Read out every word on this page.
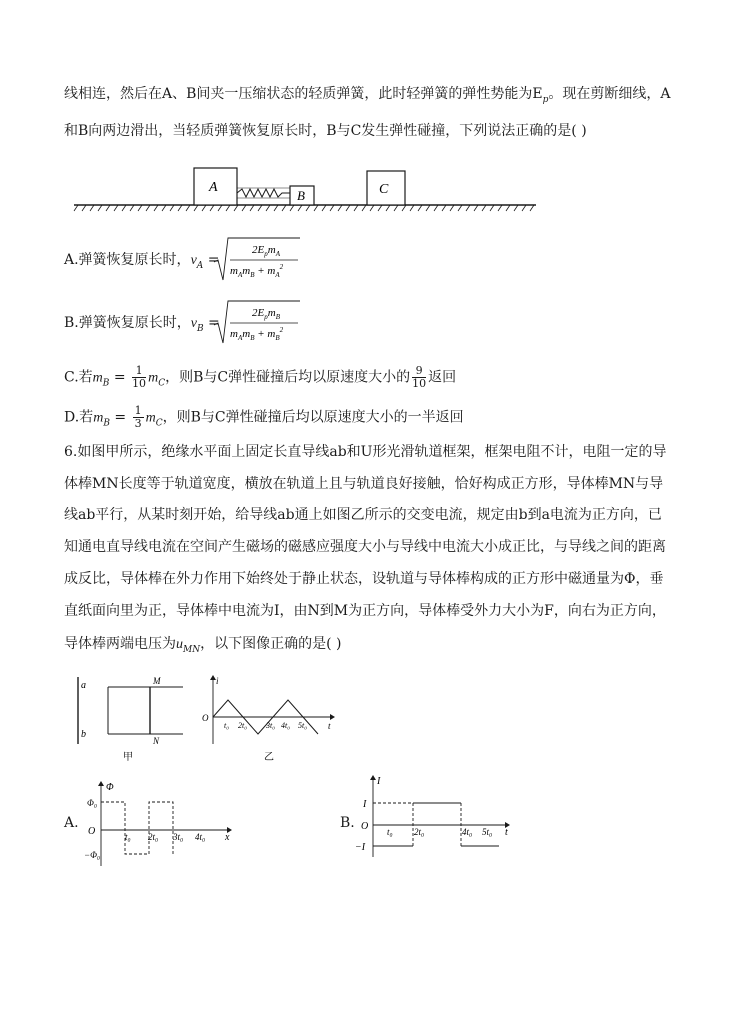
线相连，然后在A、B间夹一压缩状态的轻质弹簧，此时轻弹簧的弹性势能为$E_p$。现在剪断细线，A
和B向两边滑出，当轻质弹簧恢复原长时，B与C发生弹性碰撞，下列说法正确的是( )
A
B	C
A.弹簧恢复原长时，$v_A$ =
$2E_pm_A$
$m_Am_B + m_A^2$
B.弹簧恢复原长时，$v_B$ =
$2E_pm_B$
$m_Am_B + m_B^2$
C.若$m_B = \frac{1}{10} m_C$，则B与C弹性碰撞后均以原速度大小的 $\frac{9}{10}$ 返回
D.若$m_B = \frac{1}{3} m_C$，则B与C弹性碰撞后均以原速度大小的一半返回
6.如图甲所示，绝缘水平面上固定长直导线ab和U形光滑轨道框架，框架电阻不计，电阻一定的导
体棒MN长度等于轨道宽度，横放在轨道上且与轨道良好接触，恰好构成正方形，导体棒MN与导
线ab平行，从某时刻开始，给导线ab通上如图乙所示的交变电流，规定由b到a电流为正方向，已
知通电直导线电流在空间产生磁场的磁感应强度大小与导线中电流大小成正比，与导线之间的距离
成反比，导体棒在外力作用下始终处于静止状态，设轨道与导体棒构成的正方形中磁通量为Φ，垂
直纸面向里为正，导体棒中电流为I，由N到M为正方向，导体棒受外力大小为F，向右为正方向，
导体棒两端电压为$u_{MN}$，以下图像正确的是( )
a
b
M
N
甲
i
O
t
t₀ 2t₀ 3t₀ 4t₀ 5t₀
乙
A.
Φ
Φ₀
O
−Φ₀
x
t₀ 2t₀ 3t₀ 4t₀
B.
I
I
O
−I
t
t₀ 2t₀	4t₀ 5t₀
